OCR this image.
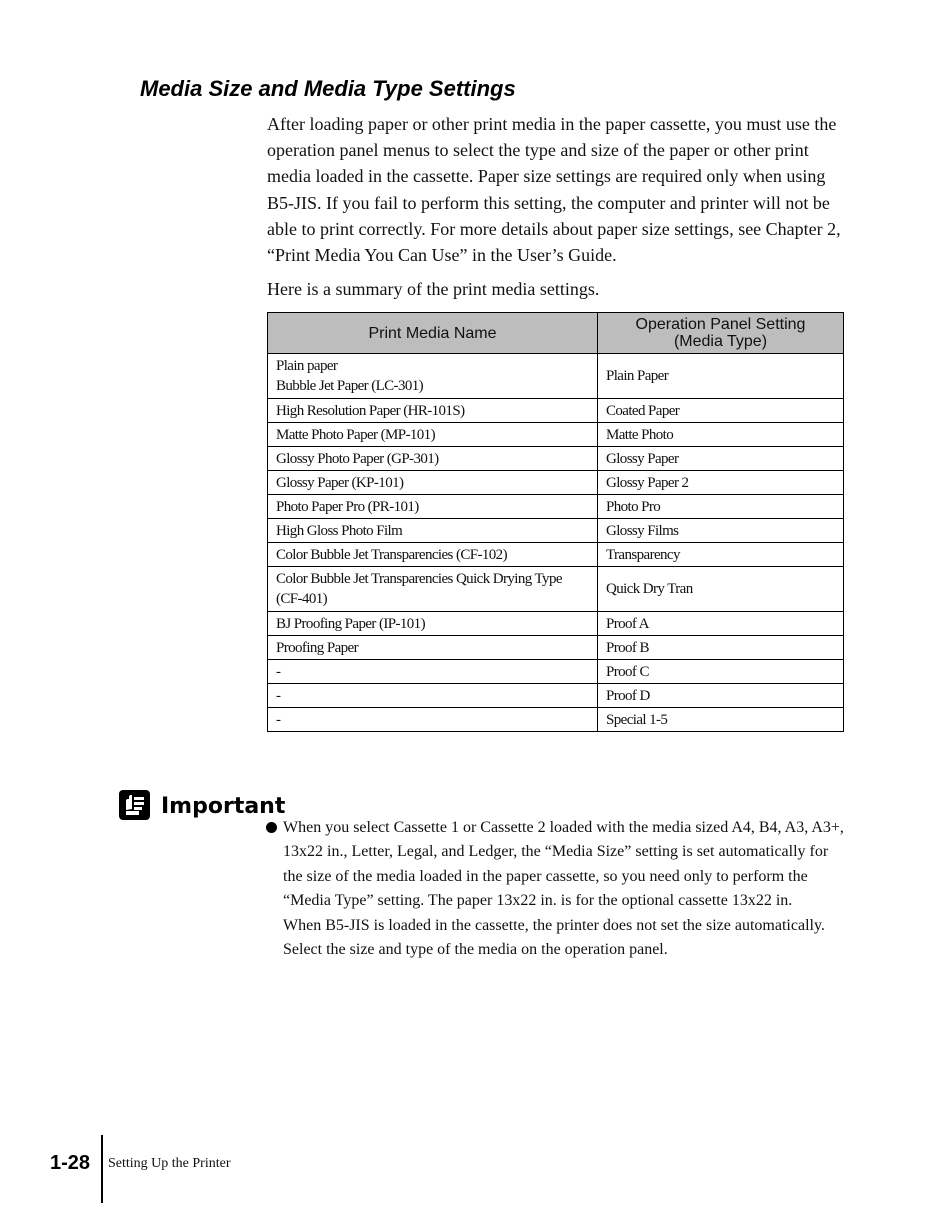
Media Size and Media Type Settings

After loading paper or other print media in the paper cassette, you must use the operation panel menus to select the type and size of the paper or other print media loaded in the cassette. Paper size settings are required only when using B5-JIS. If you fail to perform this setting, the computer and printer will not be able to print correctly. For more details about paper size settings, see Chapter 2, “Print Media You Can Use” in the User’s Guide.

Here is a summary of the print media settings.

Print Media Name	Operation Panel Setting
(Media Type)
Plain paper
Bubble Jet Paper (LC-301)	Plain Paper
High Resolution Paper (HR-101S)	Coated Paper
Matte Photo Paper (MP-101)	Matte Photo
Glossy Photo Paper (GP-301)	Glossy Paper
Glossy Paper (KP-101)	Glossy Paper 2
Photo Paper Pro (PR-101)	Photo Pro
High Gloss Photo Film	Glossy Films
Color Bubble Jet Transparencies (CF-102)	Transparency
Color Bubble Jet Transparencies Quick Drying Type
(CF-401)	Quick Dry Tran
BJ Proofing Paper (IP-101)	Proof A
Proofing Paper	Proof B
-	Proof C
-	Proof D
-	Special 1-5
Important

When you select Cassette 1 or Cassette 2 loaded with the media sized A4, B4, A3, A3+, 13x22 in., Letter, Legal, and Ledger, the “Media Size” setting is set automatically for the size of the media loaded in the paper cassette, so you need only to perform the “Media Type” setting. The paper 13x22 in. is for the optional cassette 13x22 in.
When B5-JIS is loaded in the cassette, the printer does not set the size automatically. Select the size and type of the media on the operation panel.

1-28 Setting Up the Printer
